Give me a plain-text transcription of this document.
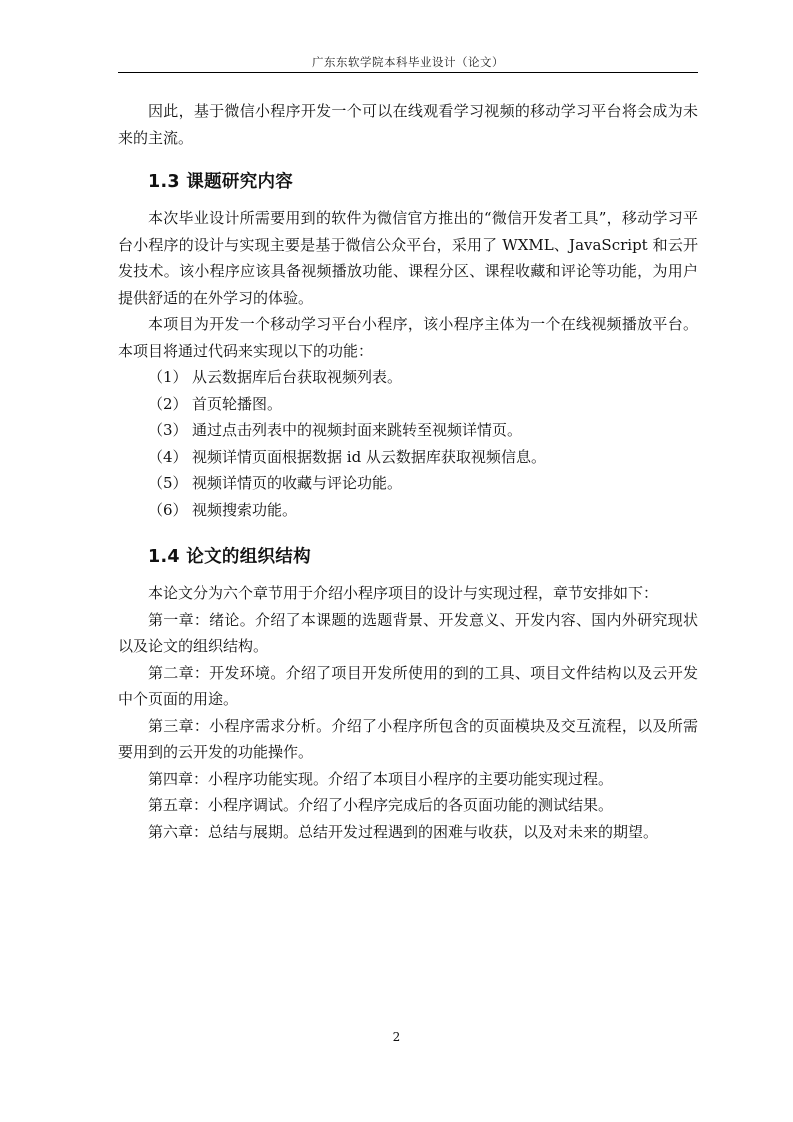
广东东软学院本科毕业设计（论文）

因此，基于微信小程序开发一个可以在线观看学习视频的移动学习平台将会成为未来的主流。

1.3 课题研究内容

本次毕业设计所需要用到的软件为微信官方推出的“微信开发者工具”，移动学习平台小程序的设计与实现主要是基于微信公众平台，采用了 WXML、JavaScript 和云开发技术。该小程序应该具备视频播放功能、课程分区、课程收藏和评论等功能，为用户提供舒适的在外学习的体验。

本项目为开发一个移动学习平台小程序，该小程序主体为一个在线视频播放平台。本项目将通过代码来实现以下的功能：

（1） 从云数据库后台获取视频列表。
（2） 首页轮播图。
（3） 通过点击列表中的视频封面来跳转至视频详情页。
（4） 视频详情页面根据数据 id 从云数据库获取视频信息。
（5） 视频详情页的收藏与评论功能。
（6） 视频搜索功能。
1.4 论文的组织结构

本论文分为六个章节用于介绍小程序项目的设计与实现过程，章节安排如下：

第一章：绪论。介绍了本课题的选题背景、开发意义、开发内容、国内外研究现状以及论文的组织结构。

第二章：开发环境。介绍了项目开发所使用的到的工具、项目文件结构以及云开发中个页面的用途。

第三章：小程序需求分析。介绍了小程序所包含的页面模块及交互流程，以及所需要用到的云开发的功能操作。

第四章：小程序功能实现。介绍了本项目小程序的主要功能实现过程。

第五章：小程序调试。介绍了小程序完成后的各页面功能的测试结果。

第六章：总结与展期。总结开发过程遇到的困难与收获，以及对未来的期望。

2
